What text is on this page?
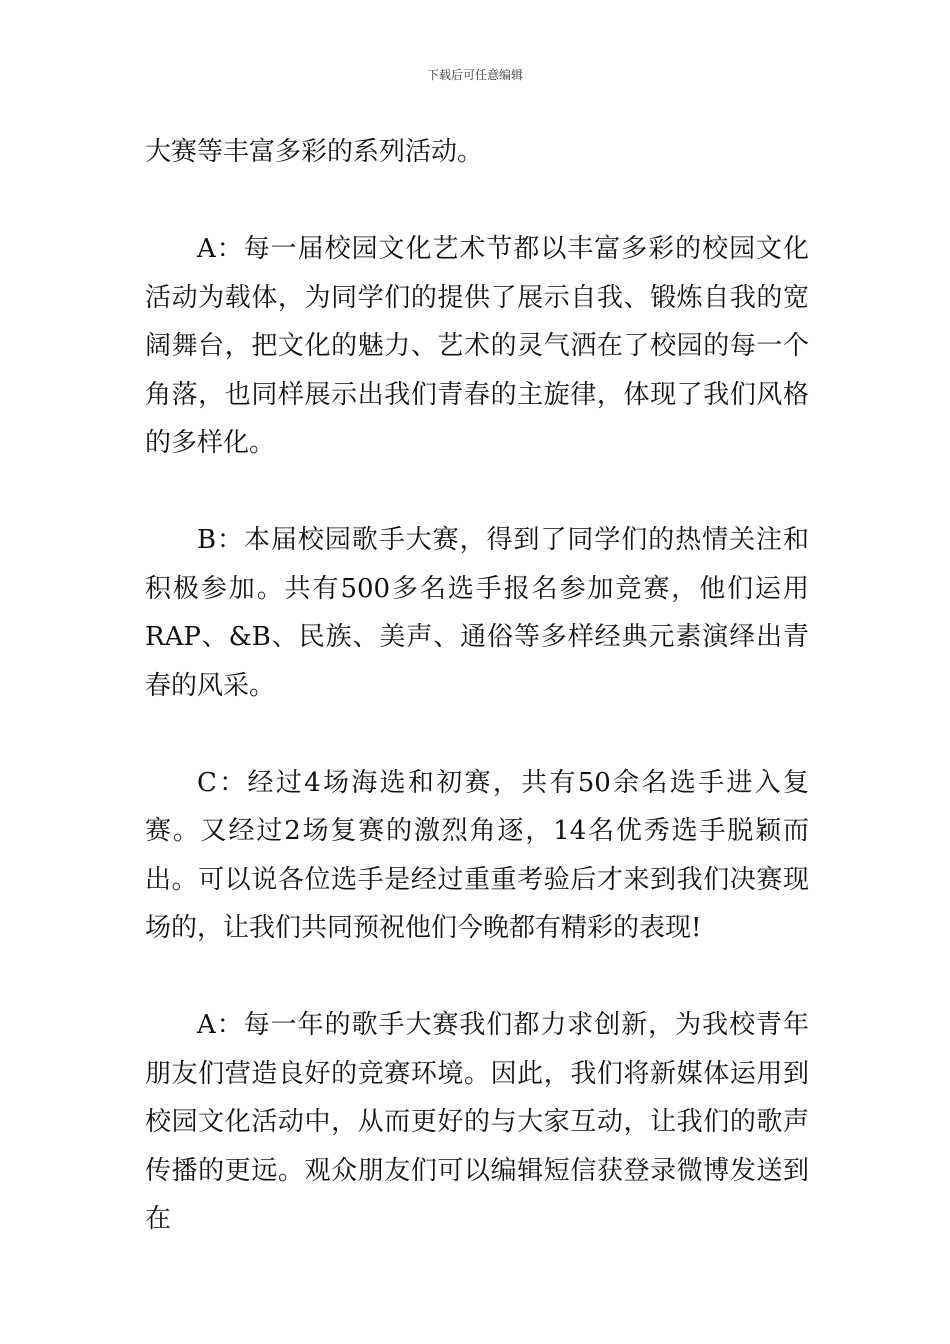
下载后可任意编辑

大赛等丰富多彩的系列活动。

A：每一届校园文化艺术节都以丰富多彩的校园文化活动为载体，为同学们的提供了展示自我、锻炼自我的宽阔舞台，把文化的魅力、艺术的灵气洒在了校园的每一个角落，也同样展示出我们青春的主旋律，体现了我们风格的多样化。

B：本届校园歌手大赛，得到了同学们的热情关注和积极参加。共有500多名选手报名参加竞赛，他们运用RAP、&B、民族、美声、通俗等多样经典元素演绎出青春的风采。

C：经过4场海选和初赛，共有50余名选手进入复赛。又经过2场复赛的激烈角逐，14名优秀选手脱颖而出。可以说各位选手是经过重重考验后才来到我们决赛现场的，让我们共同预祝他们今晚都有精彩的表现!

A：每一年的歌手大赛我们都力求创新，为我校青年朋友们营造良好的竞赛环境。因此，我们将新媒体运用到校园文化活动中，从而更好的与大家互动，让我们的歌声传播的更远。观众朋友们可以编辑短信获登录微博发送到在
